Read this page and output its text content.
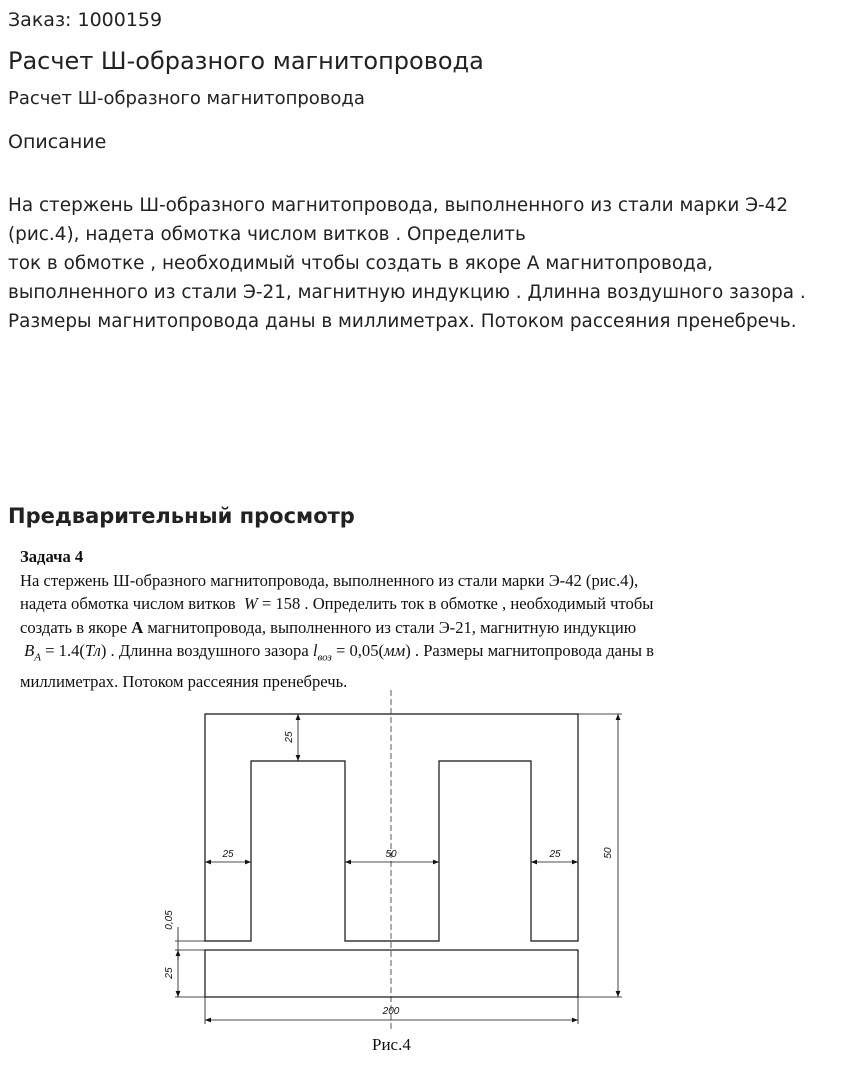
Заказ: 1000159
Расчет Ш-образного магнитопровода
Расчет Ш-образного магнитопровода
Описание
На стержень Ш-образного магнитопровода, выполненного из стали марки Э-42
(рис.4), надета обмотка числом витков . Определить
ток в обмотке , необходимый чтобы создать в якоре А магнитопровода,
выполненного из стали Э-21, магнитную индукцию . Длинна воздушного зазора .
Размеры магнитопровода даны в миллиметрах. Потоком рассеяния пренебречь.
Предварительный просмотр
Задача 4
На стержень Ш-образного магнитопровода, выполненного из стали марки Э-42 (рис.4),
надета обмотка числом витков W = 158 . Определить ток в обмотке , необходимый чтобы
создать в якоре А магнитопровода, выполненного из стали Э-21, магнитную индукцию
$B_A = 1.4(Тл)$ . Длинна воздушного зазора $l_{воз} = 0,05(мм)$ . Размеры магнитопровода даны в
миллиметрах. Потоком рассеяния пренебречь.
25
25	50	25	50
0,05
25
200
Рис.4
